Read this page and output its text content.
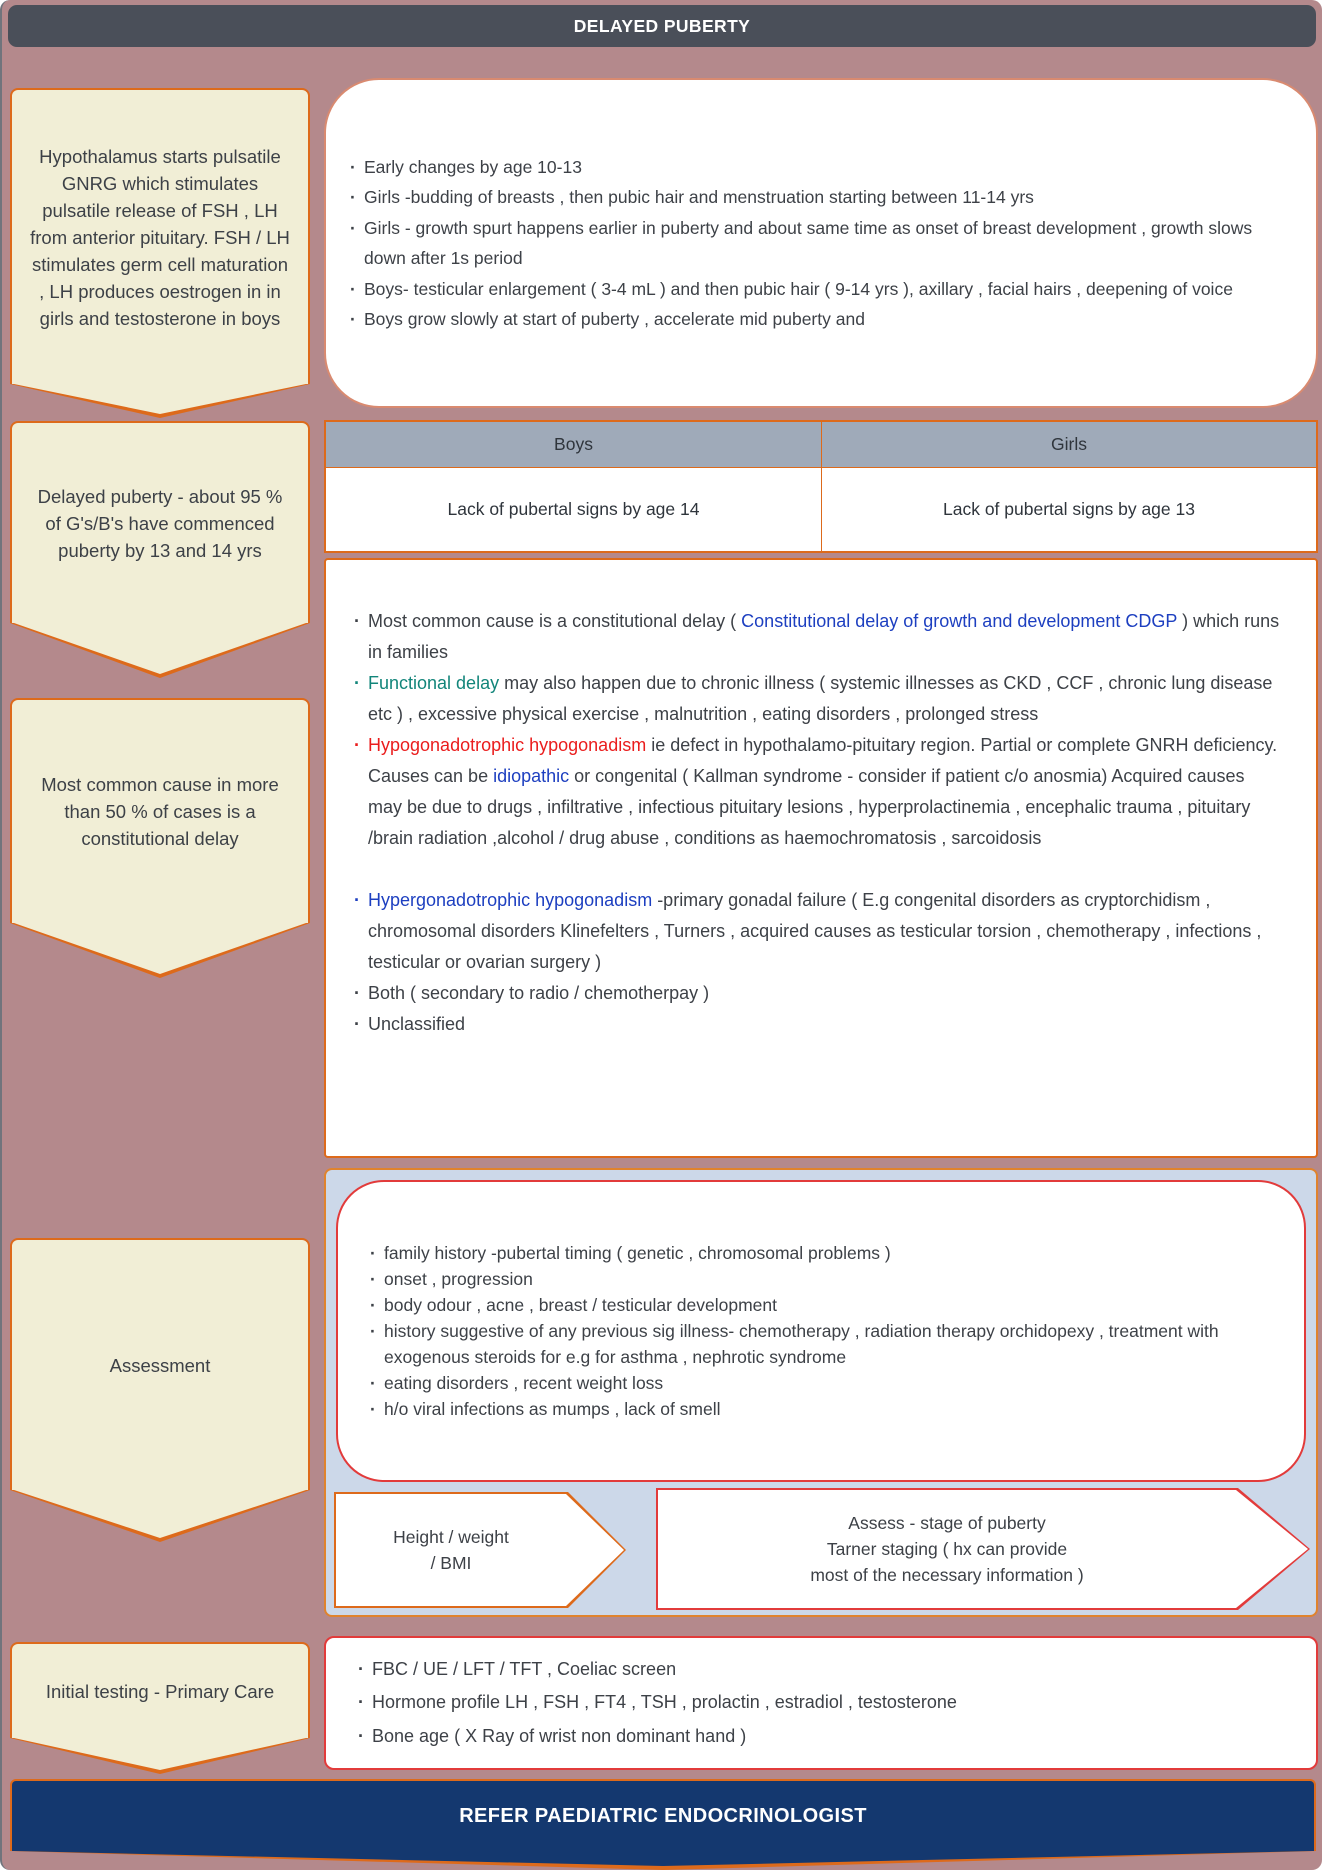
DELAYED PUBERTY
Hypothalamus starts pulsatile GNRG which stimulates pulsatile release of FSH , LH from anterior pituitary. FSH / LH stimulates germ cell maturation , LH produces oestrogen in in girls and testosterone in boys
Delayed puberty - about 95 % of G's/B's have commenced puberty by 13 and 14 yrs
Most common cause in more than 50 % of cases is a constitutional delay
Assessment
Initial testing - Primary Care
· Early changes by age 10-13
· Girls -budding of breasts , then pubic hair and menstruation starting between 11-14 yrs
· Girls - growth spurt happens earlier in puberty and about same time as onset of breast development , growth slows down after 1s period
· Boys- testicular enlargement ( 3-4 mL ) and then pubic hair ( 9-14 yrs ), axillary , facial hairs , deepening of voice
· Boys grow slowly at start of puberty , accelerate mid puberty and
Boys	Girls
Lack of pubertal signs by age 14	Lack of pubertal signs by age 13
· Most common cause is a constitutional delay ( Constitutional delay of growth and development CDGP ) which runs in families
· Functional delay may also happen due to chronic illness ( systemic illnesses as CKD , CCF , chronic lung disease etc ) , excessive physical exercise , malnutrition , eating disorders , prolonged stress
· Hypogonadotrophic hypogonadism ie defect in hypothalamo-pituitary region. Partial or complete GNRH deficiency. Causes can be idiopathic or congenital ( Kallman syndrome - consider if patient c/o anosmia) Acquired causes may be due to drugs , infiltrative , infectious pituitary lesions , hyperprolactinemia , encephalic trauma , pituitary /brain radiation ,alcohol / drug abuse , conditions as haemochromatosis , sarcoidosis
· Hypergonadotrophic hypogonadism -primary gonadal failure ( E.g congenital disorders as cryptorchidism , chromosomal disorders Klinefelters , Turners , acquired causes as testicular torsion , chemotherapy , infections , testicular or ovarian surgery )
· Both ( secondary to radio / chemotherpay )
· Unclassified
· family history -pubertal timing ( genetic , chromosomal problems )
· onset , progression
· body odour , acne , breast / testicular development
· history suggestive of any previous sig illness- chemotherapy , radiation therapy orchidopexy , treatment with exogenous steroids for e.g for asthma , nephrotic syndrome
· eating disorders , recent weight loss
· h/o viral infections as mumps , lack of smell
Height / weight
/ BMI
Assess - stage of puberty
Tarner staging ( hx can provide
most of the necessary information )
· FBC / UE / LFT / TFT , Coeliac screen
· Hormone profile LH , FSH , FT4 , TSH , prolactin , estradiol , testosterone
· Bone age ( X Ray of wrist non dominant hand )
REFER PAEDIATRIC ENDOCRINOLOGIST
